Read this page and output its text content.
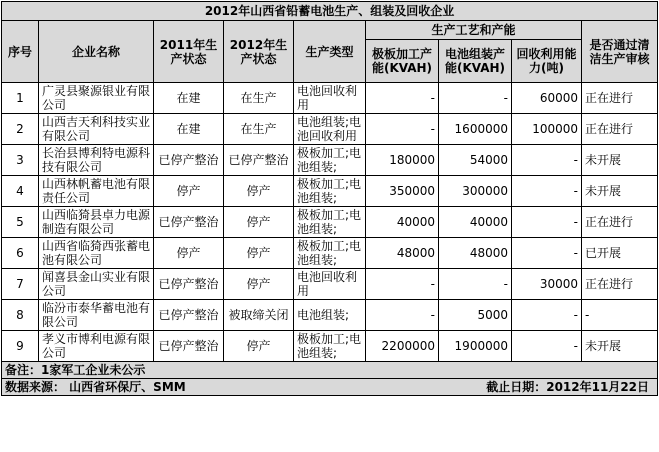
2012年山西省铅蓄电池生产、组装及回收企业								
序号	企业名称	2011年生产状态	2012年生产状态	生产类型	生产工艺和产能			是否通过清洁生产审核
					极板加工产能(KVAH)	电池组装产能(KVAH)	回收利用能力(吨)	
1	广灵县聚源银业有限公司	在建	在生产	电池回收利用	-	-	60000	正在进行
2	山西吉天利科技实业有限公司	在建	在生产	电池组装;电池回收利用	-	1600000	100000	正在进行
3	长治县博利特电源科技有限公司	已停产整治	已停产整治	极板加工;电池组装;	180000	54000	-	未开展
4	山西林帆蓄电池有限责任公司	停产	停产	极板加工;电池组装;	350000	300000	-	未开展
5	山西临猗县卓力电源制造有限公司	已停产整治	停产	极板加工;电池组装;	40000	40000	-	正在进行
6	山西省临猗西张蓄电池有限公司	停产	停产	极板加工;电池组装;	48000	48000	-	已开展
7	闻喜县金山实业有限公司	已停产整治	停产	电池回收利用	-	-	30000	正在进行
8	临汾市泰华蓄电池有限公司	已停产整治	被取缔关闭	电池组装;	-	5000	-	-
9	孝义市博利电源有限公司	已停产整治	停产	极板加工;电池组装;	2200000	1900000	-	未开展
备注：1家军工企业未公示								
数据来源： 山西省环保厅、SMM					截止日期：2012年11月22日			
